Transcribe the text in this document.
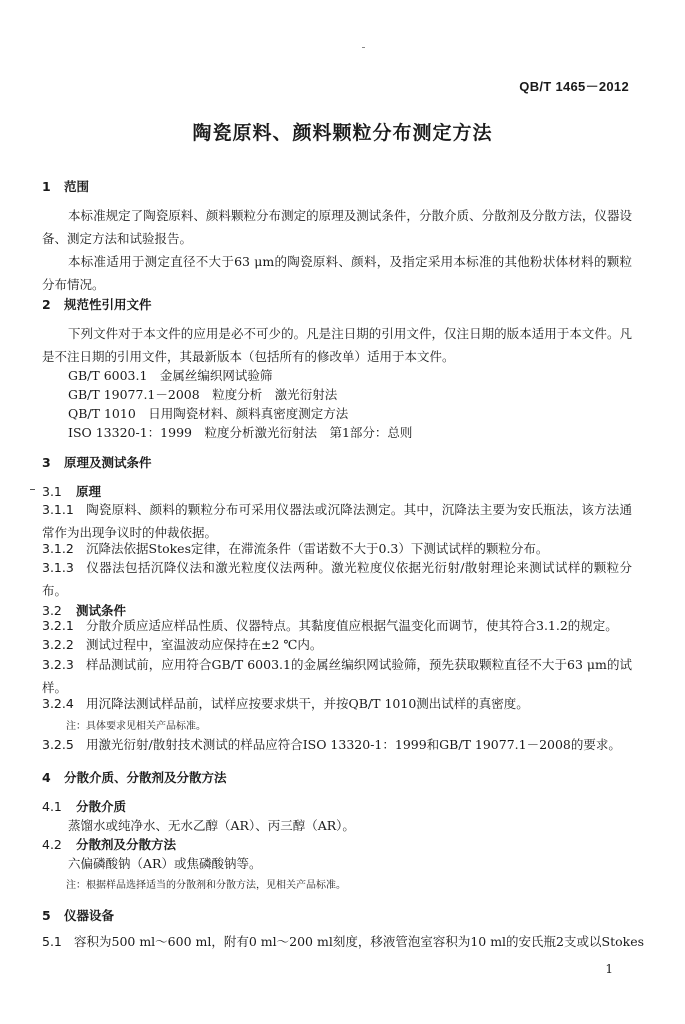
QB/T 1465－2012
陶瓷原料、颜料颗粒分布测定方法
1 范围
本标准规定了陶瓷原料、颜料颗粒分布测定的原理及测试条件，分散介质、分散剂及分散方法，仪器设备、测定方法和试验报告。
本标准适用于测定直径不大于63 μm的陶瓷原料、颜料，及指定采用本标准的其他粉状体材料的颗粒分布情况。
2 规范性引用文件
下列文件对于本文件的应用是必不可少的。凡是注日期的引用文件，仅注日期的版本适用于本文件。凡是不注日期的引用文件，其最新版本（包括所有的修改单）适用于本文件。
GB/T 6003.1　金属丝编织网试验筛
GB/T 19077.1－2008　粒度分析　激光衍射法
QB/T 1010　日用陶瓷材料、颜料真密度测定方法
ISO 13320-1：1999　粒度分析激光衍射法　第1部分：总则
3 原理及测试条件
3.1 原理
3.1.1 陶瓷原料、颜料的颗粒分布可采用仪器法或沉降法测定。其中，沉降法主要为安氏瓶法，该方法通常作为出现争议时的仲裁依据。
3.1.2 沉降法依据Stokes定律，在滞流条件（雷诺数不大于0.3）下测试试样的颗粒分布。
3.1.3 仪器法包括沉降仪法和激光粒度仪法两种。激光粒度仪依据光衍射/散射理论来测试试样的颗粒分布。
3.2 测试条件
3.2.1 分散介质应适应样品性质、仪器特点。其黏度值应根据气温变化而调节，使其符合3.1.2的规定。
3.2.2 测试过程中，室温波动应保持在±2 ℃内。
3.2.3 样品测试前，应用符合GB/T 6003.1的金属丝编织网试验筛，预先获取颗粒直径不大于63 μm的试样。
3.2.4 用沉降法测试样品前，试样应按要求烘干，并按QB/T 1010测出试样的真密度。
注：具体要求见相关产品标准。
3.2.5 用激光衍射/散射技术测试的样品应符合ISO 13320-1：1999和GB/T 19077.1－2008的要求。
4 分散介质、分散剂及分散方法
4.1 分散介质
蒸馏水或纯净水、无水乙醇（AR）、丙三醇（AR）。
4.2 分散剂及分散方法
六偏磷酸钠（AR）或焦磷酸钠等。
注：根据样品选择适当的分散剂和分散方法，见相关产品标准。
5 仪器设备
5.1 容积为500 ml～600 ml，附有0 ml～200 ml刻度，移液管泡室容积为10 ml的安氏瓶2支或以Stokes
1
